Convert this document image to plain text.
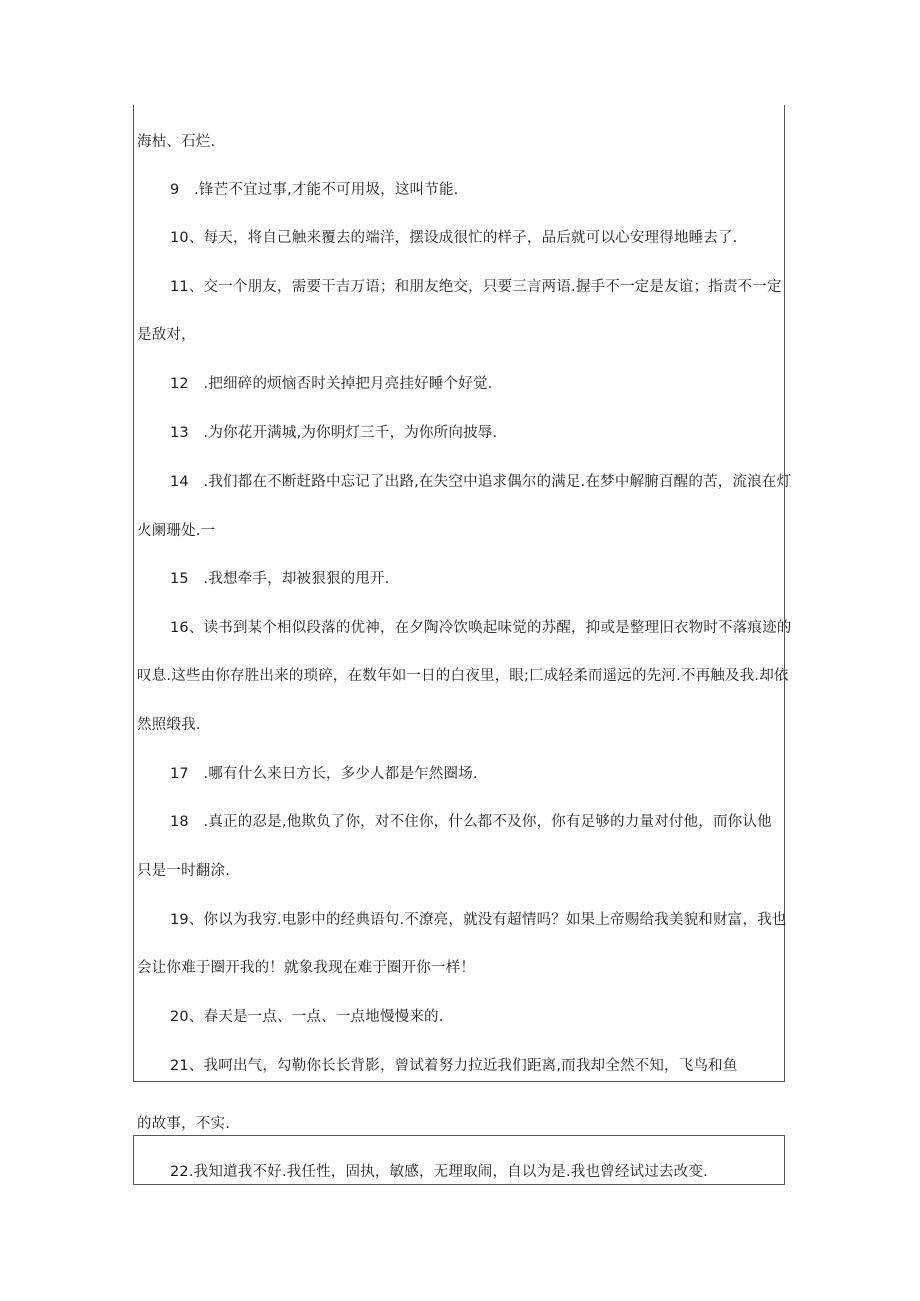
海枯、石烂.
9　.锋芒不宜过事,才能不可用圾，这叫节能.
10、每天，将自己触来覆去的端洋，摆设成很忙的样子，品后就可以心安理得地睡去了.
11、交一个朋友，需要干吉万语；和朋友绝交，只要三言两语.握手不一定是友谊；指责不一定
是敌对，
12　.把细碎的烦恼否时关掉把月亮挂好睡个好觉.
13　.为你花开满城,为你明灯三千，为你所向披辱.
14　.我们都在不断赶路中忘记了出路,在失空中追求偶尔的满足.在梦中解腑百醒的苦，流浪在灯
火阑珊处.一
15　.我想牵手，却被狠狠的甩开.
16、读书到某个相似段落的优神，在夕陶冷饮唤起味觉的苏醒，抑或是整理旧衣物时不落痕迹的
叹息.这些由你存胜出来的琐碎，在数年如一日的白夜里，眼;匚成轻柔而遥远的先河.不再触及我.却依
然照缎我.
17　.哪有什么来日方长，多少人都是乍然圈场.
18　.真正的忍是,他欺负了你，对不住你，什么都不及你，你有足够的力量对付他，而你认他
只是一时翻涂.
19、你以为我穷.电影中的经典语句.不潦亮，就没有超情吗？如果上帝赐给我美貌和财富，我也
会让你难于圈开我的！就象我现在难于圈开你一样！
20、春天是一点、一点、一点地慢慢来的.
21、我呵出气，勾勒你长长背影，曾试着努力拉近我们距离,而我却全然不知，飞鸟和鱼
的故事，不实.
22.我知道我不好.我任性，固执，敏感，无理取闹，自以为是.我也曾经试过去改变.
